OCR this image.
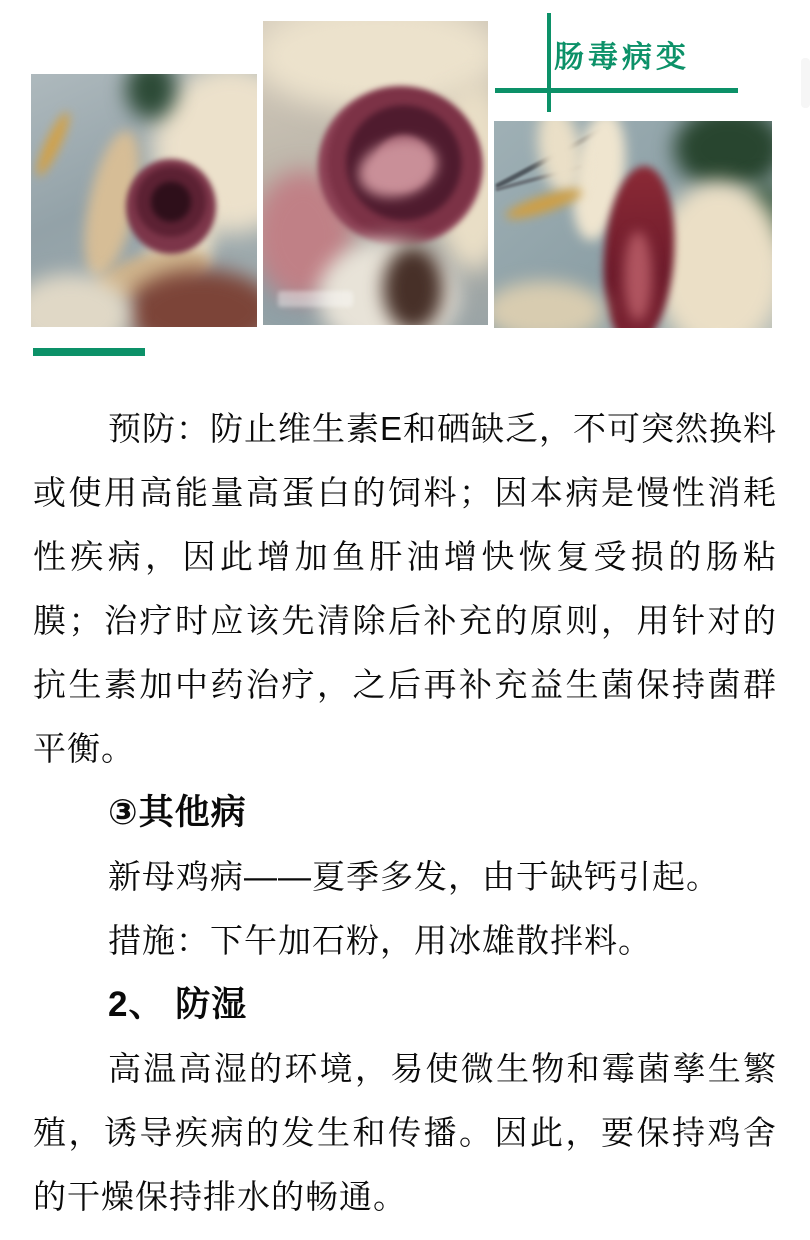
肠毒病变

预防：防止维生素E和硒缺乏，不可突然换料或使用高能量高蛋白的饲料；因本病是慢性消耗性疾病，因此增加鱼肝油增快恢复受损的肠粘膜；治疗时应该先清除后补充的原则，用针对的抗生素加中药治疗，之后再补充益生菌保持菌群平衡。

③其他病

新母鸡病——夏季多发，由于缺钙引起。

措施：下午加石粉，用冰雄散拌料。

2、 防湿

高温高湿的环境，易使微生物和霉菌孳生繁殖，诱导疾病的发生和传播。因此，要保持鸡舍的干燥保持排水的畅通。
